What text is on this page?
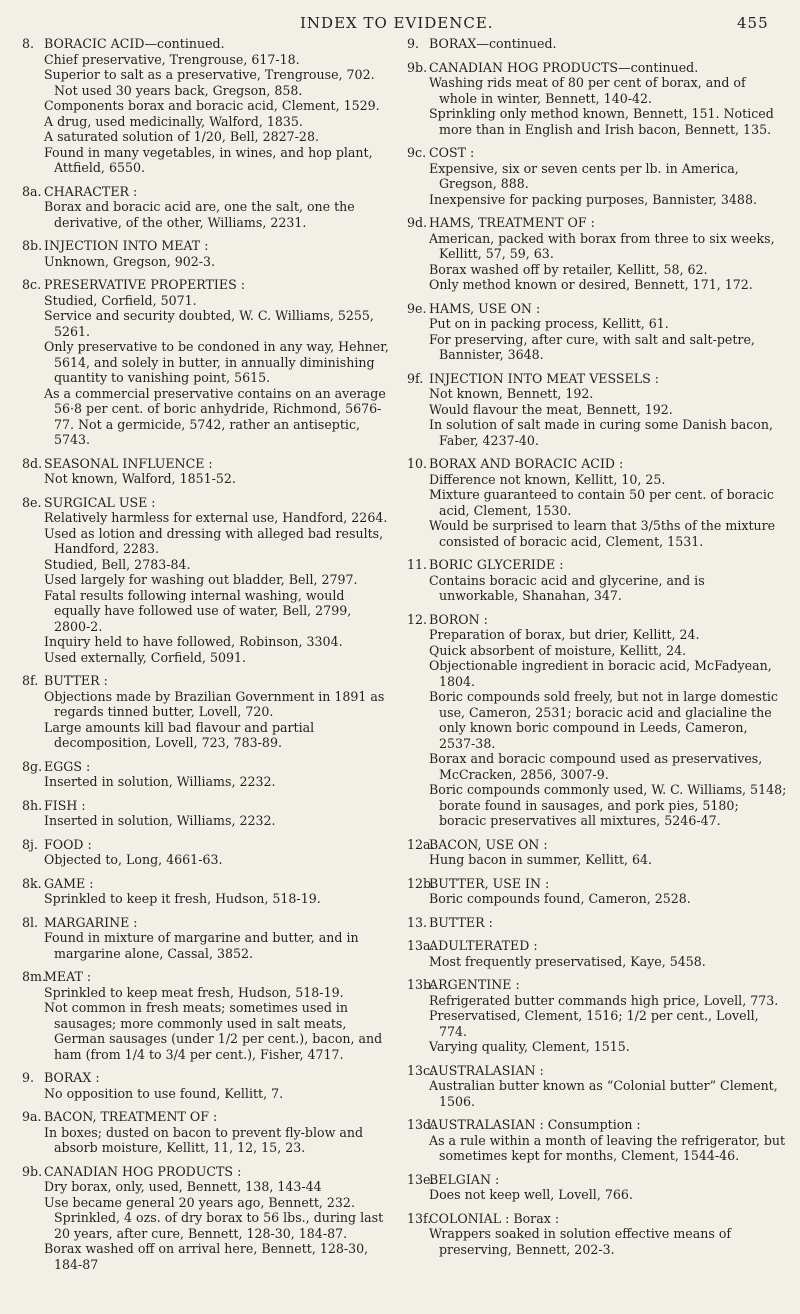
INDEX TO EVIDENCE.	455
8. BORACIC ACID—continued.

Chief preservative, Trengrouse, 617-18.

Superior to salt as a preservative, Trengrouse, 702. Not used 30 years back, Gregson, 858.

Components borax and boracic acid, Clement, 1529.

A drug, used medicinally, Walford, 1835.

A saturated solution of 1/20, Bell, 2827-28.

Found in many vegetables, in wines, and hop plant, Attfield, 6550.

8a. CHARACTER :

Borax and boracic acid are, one the salt, one the derivative, of the other, Williams, 2231.

8b. INJECTION INTO MEAT :

Unknown, Gregson, 902-3.

8c. PRESERVATIVE PROPERTIES :

Studied, Corfield, 5071.

Service and security doubted, W. C. Williams, 5255, 5261.

Only preservative to be condoned in any way, Hehner, 5614, and solely in butter, in annually diminishing quantity to vanishing point, 5615.

As a commercial preservative contains on an average 56·8 per cent. of boric anhydride, Richmond, 5676-77. Not a germicide, 5742, rather an antiseptic, 5743.

8d. SEASONAL INFLUENCE :

Not known, Walford, 1851-52.

8e. SURGICAL USE :

Relatively harmless for external use, Handford, 2264.

Used as lotion and dressing with alleged bad results, Handford, 2283.

Studied, Bell, 2783-84.

Used largely for washing out bladder, Bell, 2797.

Fatal results following internal washing, would equally have followed use of water, Bell, 2799, 2800-2.

Inquiry held to have followed, Robinson, 3304.

Used externally, Corfield, 5091.

8f. BUTTER :

Objections made by Brazilian Government in 1891 as regards tinned butter, Lovell, 720.

Large amounts kill bad flavour and partial decomposition, Lovell, 723, 783-89.

8g. EGGS :

Inserted in solution, Williams, 2232.

8h. FISH :

Inserted in solution, Williams, 2232.

8j. FOOD :

Objected to, Long, 4661-63.

8k. GAME :

Sprinkled to keep it fresh, Hudson, 518-19.

8l. MARGARINE :

Found in mixture of margarine and butter, and in margarine alone, Cassal, 3852.

8m.
MEAT :

Sprinkled to keep meat fresh, Hudson, 518-19.

Not common in fresh meats; sometimes used in sausages; more commonly used in salt meats, German sausages (under 1/2 per cent.), bacon, and ham (from 1/4 to 3/4 per cent.), Fisher, 4717.

9. BORAX :

No opposition to use found, Kellitt, 7.

9a. BACON, TREATMENT OF :

In boxes; dusted on bacon to prevent fly-blow and absorb moisture, Kellitt, 11, 12, 15, 23.

9b. CANADIAN HOG PRODUCTS :

Dry borax, only, used, Bennett, 138, 143-44

Use became general 20 years ago, Bennett, 232. Sprinkled, 4 ozs. of dry borax to 56 lbs., during last 20 years, after cure, Bennett, 128-30, 184-87.

Borax washed off on arrival here, Bennett, 128-30, 184-87

9. BORAX—continued.
9b. CANADIAN HOG PRODUCTS—continued.

Washing rids meat of 80 per cent of borax, and of whole in winter, Bennett, 140-42.

Sprinkling only method known, Bennett, 151. Noticed more than in English and Irish bacon, Bennett, 135.

9c. COST :

Expensive, six or seven cents per lb. in America, Gregson, 888.

Inexpensive for packing purposes, Bannister, 3488.

9d. HAMS, TREATMENT OF :

American, packed with borax from three to six weeks, Kellitt, 57, 59, 63.

Borax washed off by retailer, Kellitt, 58, 62.

Only method known or desired, Bennett, 171, 172.

9e. HAMS, USE ON :

Put on in packing process, Kellitt, 61.

For preserving, after cure, with salt and salt-petre, Bannister, 3648.

9f. INJECTION INTO MEAT VESSELS :

Not known, Bennett, 192.

Would flavour the meat, Bennett, 192.

In solution of salt made in curing some Danish bacon, Faber, 4237-40.

10. BORAX AND BORACIC ACID :

Difference not known, Kellitt, 10, 25.

Mixture guaranteed to contain 50 per cent. of boracic acid, Clement, 1530.

Would be surprised to learn that 3/5ths of the mixture consisted of boracic acid, Clement, 1531.

11. BORIC GLYCERIDE :

Contains boracic acid and glycerine, and is unworkable, Shanahan, 347.

12. BORON :

Preparation of borax, but drier, Kellitt, 24.

Quick absorbent of moisture, Kellitt, 24.

Objectionable ingredient in boracic acid, McFadyean, 1804.

Boric compounds sold freely, but not in large domestic use, Cameron, 2531; boracic acid and glacialine the only known boric compound in Leeds, Cameron, 2537-38.

Borax and boracic compound used as preservatives, McCracken, 2856, 3007-9.

Boric compounds commonly used, W. C. Williams, 5148; borate found in sausages, and pork pies, 5180; boracic preservatives all mixtures, 5246-47.

12a.
BACON, USE ON :

Hung bacon in summer, Kellitt, 64.

12b.
BUTTER, USE IN :

Boric compounds found, Cameron, 2528.

13. BUTTER :
13a.
ADULTERATED :

Most frequently preservatised, Kaye, 5458.

13b.
ARGENTINE :

Refrigerated butter commands high price, Lovell, 773.

Preservatised, Clement, 1516; 1/2 per cent., Lovell, 774.

Varying quality, Clement, 1515.

13c.
AUSTRALASIAN :

Australian butter known as “Colonial butter” Clement, 1506.

13d.
AUSTRALASIAN : Consumption :

As a rule within a month of leaving the refrigerator, but sometimes kept for months, Clement, 1544-46.

13e.
BELGIAN :

Does not keep well, Lovell, 766.

13f.
COLONIAL : Borax :

Wrappers soaked in solution effective means of preserving, Bennett, 202-3.
